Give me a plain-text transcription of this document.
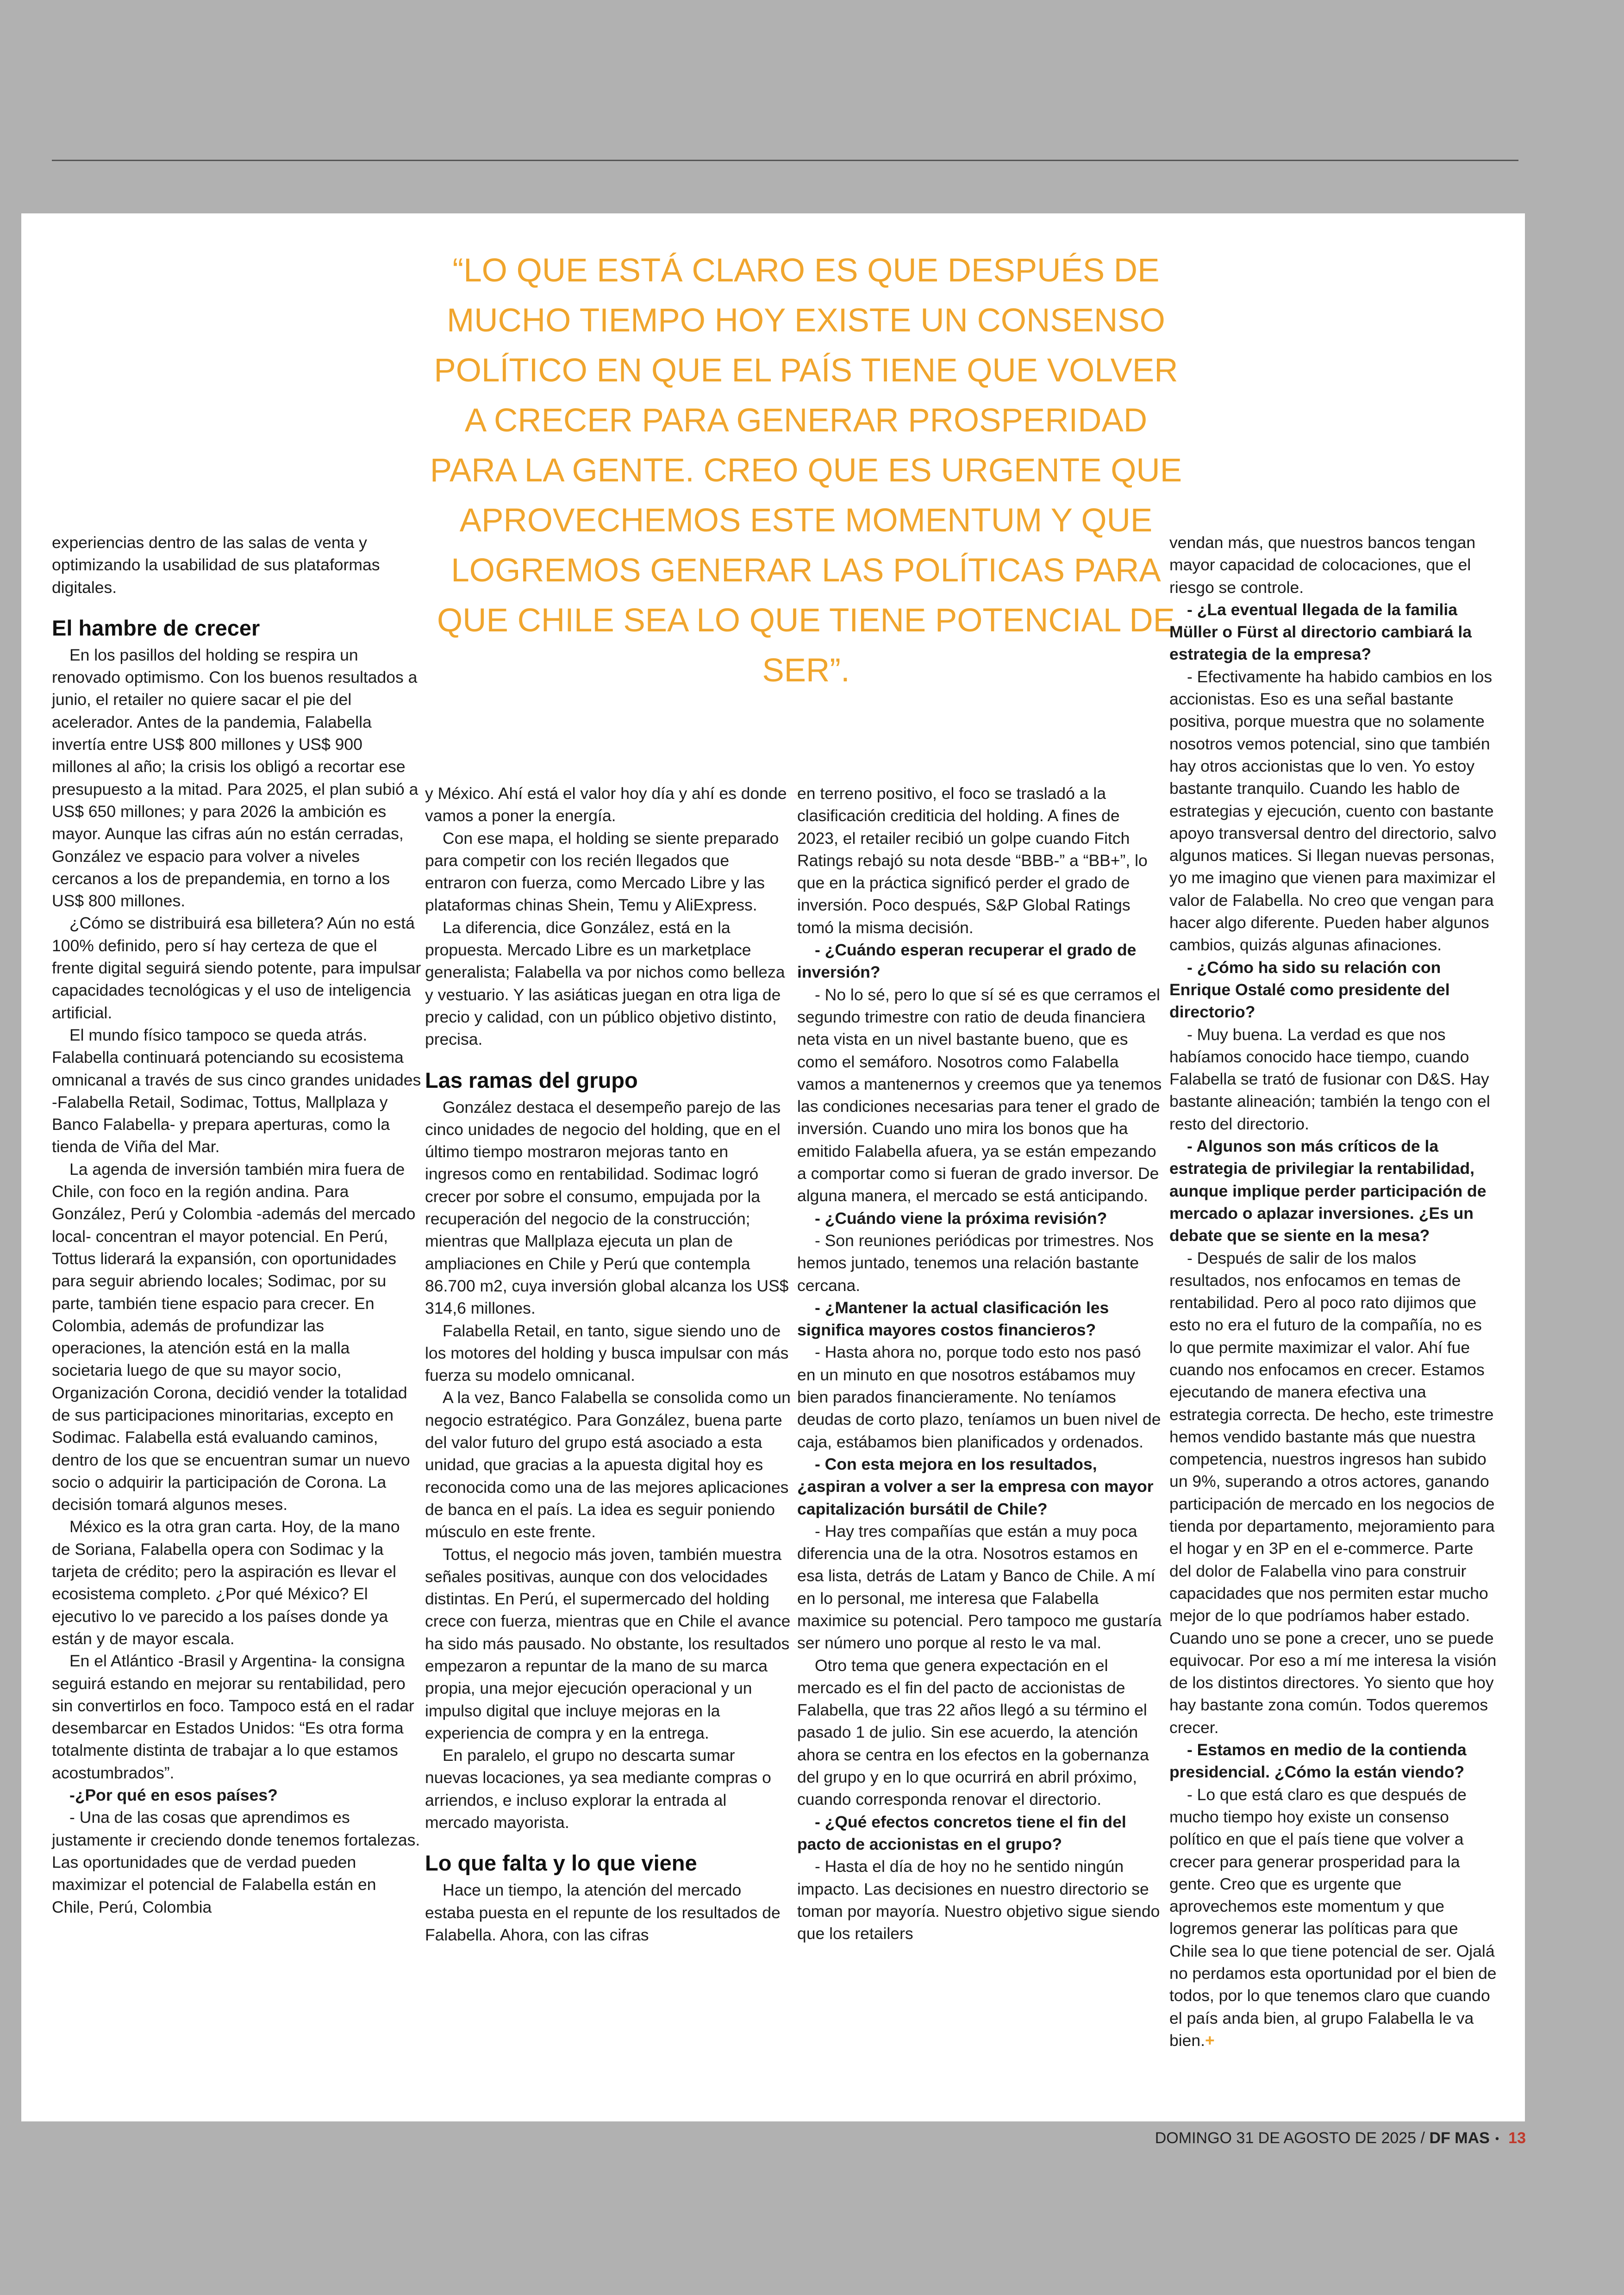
“LO QUE ESTÁ CLARO ES QUE DESPUÉS DE MUCHO TIEMPO HOY EXISTE UN CONSENSO POLÍTICO EN QUE EL PAÍS TIENE QUE VOLVER A CRECER PARA GENERAR PROSPERIDAD PARA LA GENTE. CREO QUE ES URGENTE QUE APROVECHEMOS ESTE MOMENTUM Y QUE LOGREMOS GENERAR LAS POLÍTICAS PARA QUE CHILE SEA LO QUE TIENE POTENCIAL DE SER”.

experiencias dentro de las salas de venta y optimizando la usabilidad de sus plataformas digitales.

El hambre de crecer

En los pasillos del holding se respira un renovado optimismo. Con los buenos resultados a junio, el retailer no quiere sacar el pie del acelerador. Antes de la pandemia, Falabella invertía entre US$ 800 millones y US$ 900 millones al año; la crisis los obligó a recortar ese presupuesto a la mitad. Para 2025, el plan subió a US$ 650 millones; y para 2026 la ambición es mayor. Aunque las cifras aún no están cerradas, González ve espacio para volver a niveles cercanos a los de prepandemia, en torno a los US$ 800 millones.

¿Cómo se distribuirá esa billetera? Aún no está 100% definido, pero sí hay certeza de que el frente digital seguirá siendo potente, para impulsar capacidades tecnológicas y el uso de inteligencia artificial.

El mundo físico tampoco se queda atrás. Falabella continuará potenciando su ecosistema omnicanal a través de sus cinco grandes unidades -Falabella Retail, Sodimac, Tottus, Mallplaza y Banco Falabella- y prepara aperturas, como la tienda de Viña del Mar.

La agenda de inversión también mira fuera de Chile, con foco en la región andina. Para González, Perú y Colombia -además del mercado local- concentran el mayor potencial. En Perú, Tottus liderará la expansión, con oportunidades para seguir abriendo locales; Sodimac, por su parte, también tiene espacio para crecer. En Colombia, además de profundizar las operaciones, la atención está en la malla societaria luego de que su mayor socio, Organización Corona, decidió vender la totalidad de sus participaciones minoritarias, excepto en Sodimac. Falabella está evaluando caminos, dentro de los que se encuentran sumar un nuevo socio o adquirir la participación de Corona. La decisión tomará algunos meses.

México es la otra gran carta. Hoy, de la mano de Soriana, Falabella opera con Sodimac y la tarjeta de crédito; pero la aspiración es llevar el ecosistema completo. ¿Por qué México? El ejecutivo lo ve parecido a los países donde ya están y de mayor escala.

En el Atlántico -Brasil y Argentina- la consigna seguirá estando en mejorar su rentabilidad, pero sin convertirlos en foco. Tampoco está en el radar desembarcar en Estados Unidos: “Es otra forma totalmente distinta de trabajar a lo que estamos acostumbrados”.

-¿Por qué en esos países?

- Una de las cosas que aprendimos es justamente ir creciendo donde tenemos fortalezas. Las oportunidades que de verdad pueden maximizar el potencial de Falabella están en Chile, Perú, Colombia

y México. Ahí está el valor hoy día y ahí es donde vamos a poner la energía.

Con ese mapa, el holding se siente preparado para competir con los recién llegados que entraron con fuerza, como Mercado Libre y las plataformas chinas Shein, Temu y AliExpress.

La diferencia, dice González, está en la propuesta. Mercado Libre es un marketplace generalista; Falabella va por nichos como belleza y vestuario. Y las asiáticas juegan en otra liga de precio y calidad, con un público objetivo distinto, precisa.

Las ramas del grupo

González destaca el desempeño parejo de las cinco unidades de negocio del holding, que en el último tiempo mostraron mejoras tanto en ingresos como en rentabilidad. Sodimac logró crecer por sobre el consumo, empujada por la recuperación del negocio de la construcción; mientras que Mallplaza ejecuta un plan de ampliaciones en Chile y Perú que contempla 86.700 m2, cuya inversión global alcanza los US$ 314,6 millones.

Falabella Retail, en tanto, sigue siendo uno de los motores del holding y busca impulsar con más fuerza su modelo omnicanal.

A la vez, Banco Falabella se consolida como un negocio estratégico. Para González, buena parte del valor futuro del grupo está asociado a esta unidad, que gracias a la apuesta digital hoy es reconocida como una de las mejores aplicaciones de banca en el país. La idea es seguir poniendo músculo en este frente.

Tottus, el negocio más joven, también muestra señales positivas, aunque con dos velocidades distintas. En Perú, el supermercado del holding crece con fuerza, mientras que en Chile el avance ha sido más pausado. No obstante, los resultados empezaron a repuntar de la mano de su marca propia, una mejor ejecución operacional y un impulso digital que incluye mejoras en la experiencia de compra y en la entrega.

En paralelo, el grupo no descarta sumar nuevas locaciones, ya sea mediante compras o arriendos, e incluso explorar la entrada al mercado mayorista.

Lo que falta y lo que viene

Hace un tiempo, la atención del mercado estaba puesta en el repunte de los resultados de Falabella. Ahora, con las cifras

en terreno positivo, el foco se trasladó a la clasificación crediticia del holding. A fines de 2023, el retailer recibió un golpe cuando Fitch Ratings rebajó su nota desde “BBB-” a “BB+”, lo que en la práctica significó perder el grado de inversión. Poco después, S&P Global Ratings tomó la misma decisión.

- ¿Cuándo esperan recuperar el grado de inversión?

- No lo sé, pero lo que sí sé es que cerramos el segundo trimestre con ratio de deuda financiera neta vista en un nivel bastante bueno, que es como el semáforo. Nosotros como Falabella vamos a mantenernos y creemos que ya tenemos las condiciones necesarias para tener el grado de inversión. Cuando uno mira los bonos que ha emitido Falabella afuera, ya se están empezando a comportar como si fueran de grado inversor. De alguna manera, el mercado se está anticipando.

- ¿Cuándo viene la próxima revisión?

- Son reuniones periódicas por trimestres. Nos hemos juntado, tenemos una relación bastante cercana.

- ¿Mantener la actual clasificación les significa mayores costos financieros?

- Hasta ahora no, porque todo esto nos pasó en un minuto en que nosotros estábamos muy bien parados financieramente. No teníamos deudas de corto plazo, teníamos un buen nivel de caja, estábamos bien planificados y ordenados.

- Con esta mejora en los resultados, ¿aspiran a volver a ser la empresa con mayor capitalización bursátil de Chile?

- Hay tres compañías que están a muy poca diferencia una de la otra. Nosotros estamos en esa lista, detrás de Latam y Banco de Chile. A mí en lo personal, me interesa que Falabella maximice su potencial. Pero tampoco me gustaría ser número uno porque al resto le va mal.

Otro tema que genera expectación en el mercado es el fin del pacto de accionistas de Falabella, que tras 22 años llegó a su término el pasado 1 de julio. Sin ese acuerdo, la atención ahora se centra en los efectos en la gobernanza del grupo y en lo que ocurrirá en abril próximo, cuando corresponda renovar el directorio.

- ¿Qué efectos concretos tiene el fin del pacto de accionistas en el grupo?

- Hasta el día de hoy no he sentido ningún impacto. Las decisiones en nuestro directorio se toman por mayoría. Nuestro objetivo sigue siendo que los retailers

vendan más, que nuestros bancos tengan mayor capacidad de colocaciones, que el riesgo se controle.

- ¿La eventual llegada de la familia Müller o Fürst al directorio cambiará la estrategia de la empresa?

- Efectivamente ha habido cambios en los accionistas. Eso es una señal bastante positiva, porque muestra que no solamente nosotros vemos potencial, sino que también hay otros accionistas que lo ven. Yo estoy bastante tranquilo. Cuando les hablo de estrategias y ejecución, cuento con bastante apoyo transversal dentro del directorio, salvo algunos matices. Si llegan nuevas personas, yo me imagino que vienen para maximizar el valor de Falabella. No creo que vengan para hacer algo diferente. Pueden haber algunos cambios, quizás algunas afinaciones.

- ¿Cómo ha sido su relación con Enrique Ostalé como presidente del directorio?

- Muy buena. La verdad es que nos habíamos conocido hace tiempo, cuando Falabella se trató de fusionar con D&S. Hay bastante alineación; también la tengo con el resto del directorio.

- Algunos son más críticos de la estrategia de privilegiar la rentabilidad, aunque implique perder participación de mercado o aplazar inversiones. ¿Es un debate que se siente en la mesa?

- Después de salir de los malos resultados, nos enfocamos en temas de rentabilidad. Pero al poco rato dijimos que esto no era el futuro de la compañía, no es lo que permite maximizar el valor. Ahí fue cuando nos enfocamos en crecer. Estamos ejecutando de manera efectiva una estrategia correcta. De hecho, este trimestre hemos vendido bastante más que nuestra competencia, nuestros ingresos han subido un 9%, superando a otros actores, ganando participación de mercado en los negocios de tienda por departamento, mejoramiento para el hogar y en 3P en el e-commerce. Parte del dolor de Falabella vino para construir capacidades que nos permiten estar mucho mejor de lo que podríamos haber estado. Cuando uno se pone a crecer, uno se puede equivocar. Por eso a mí me interesa la visión de los distintos directores. Yo siento que hoy hay bastante zona común. Todos queremos crecer.

- Estamos en medio de la contienda presidencial. ¿Cómo la están viendo?

- Lo que está claro es que después de mucho tiempo hoy existe un consenso político en que el país tiene que volver a crecer para generar prosperidad para la gente. Creo que es urgente que aprovechemos este momentum y que logremos generar las políticas para que Chile sea lo que tiene potencial de ser. Ojalá no perdamos esta oportunidad por el bien de todos, por lo que tenemos claro que cuando el país anda bien, al grupo Falabella le va bien.+

DOMINGO 31 DE AGOSTO DE 2025 / DF MAS • 13
